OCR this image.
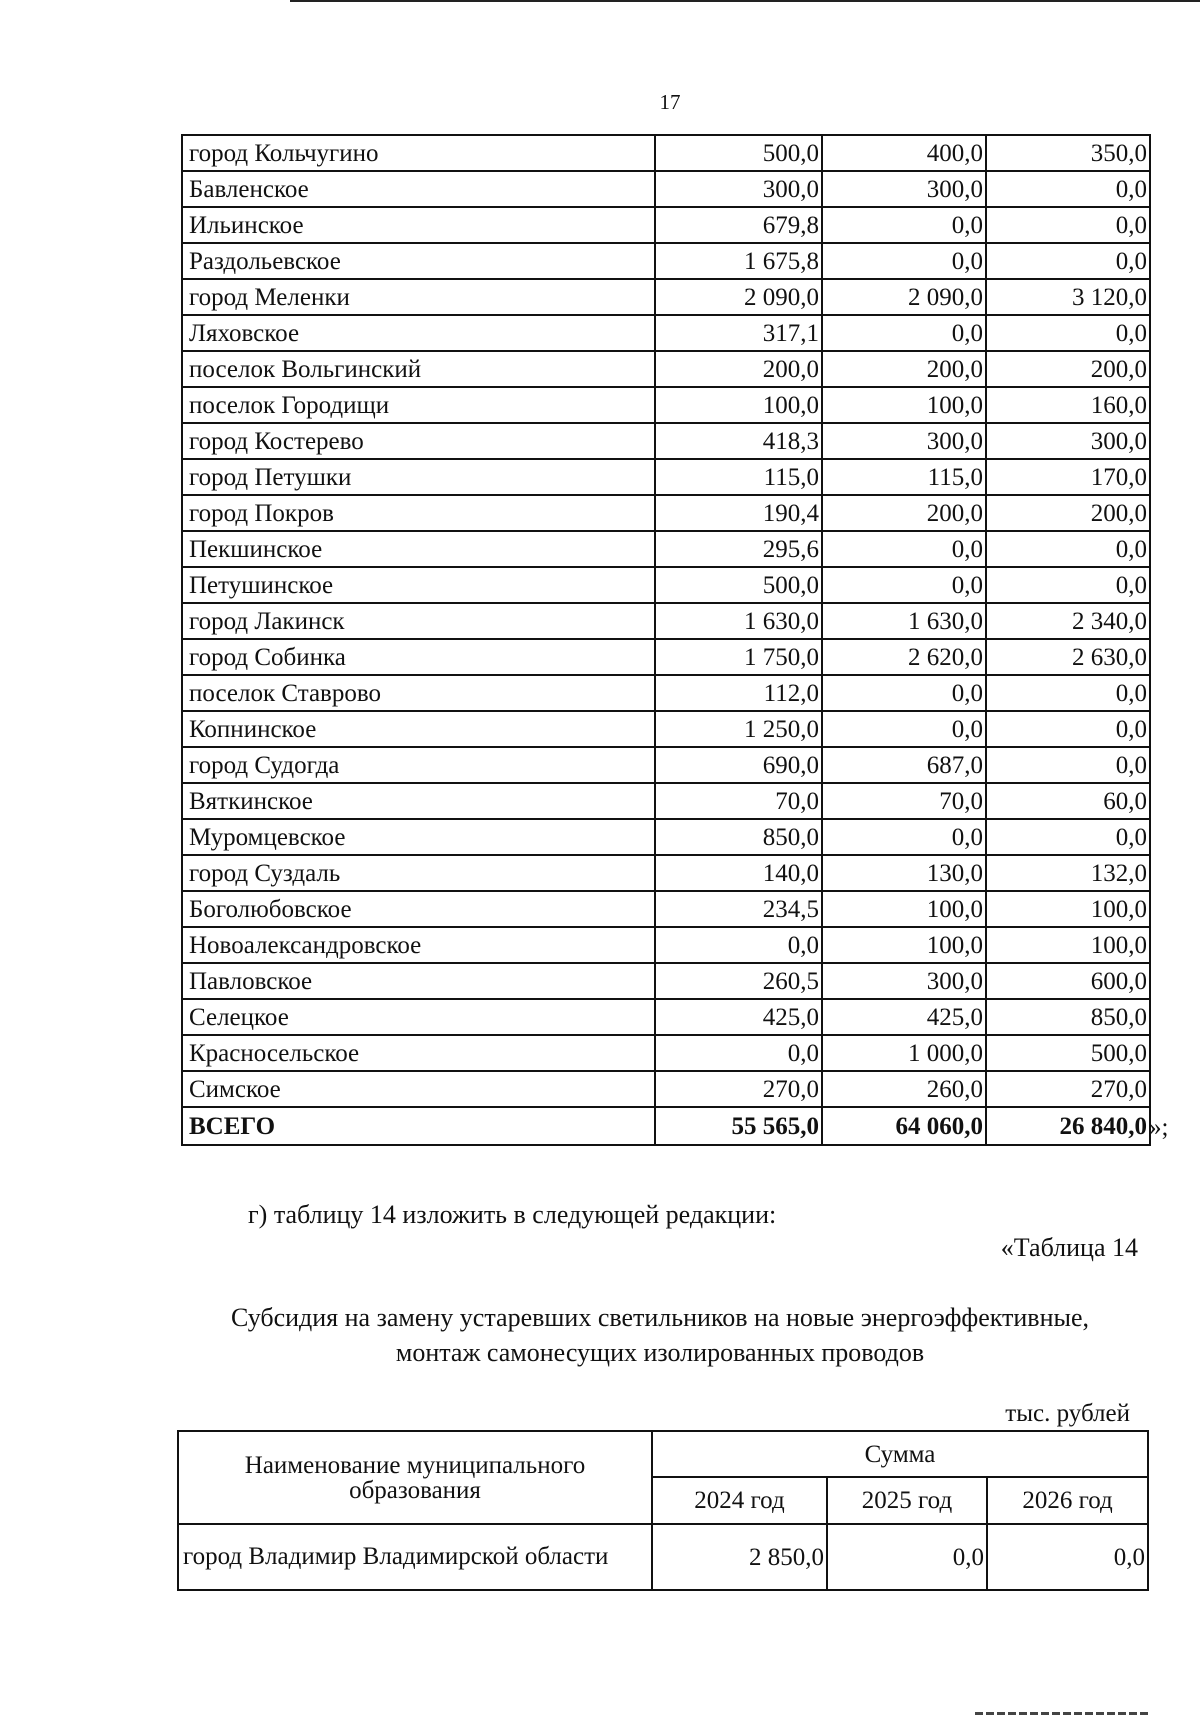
17
город Кольчугино	500,0	400,0	350,0
Бавленское	300,0	300,0	0,0
Ильинское	679,8	0,0	0,0
Раздольевское	1 675,8	0,0	0,0
город Меленки	2 090,0	2 090,0	3 120,0
Ляховское	317,1	0,0	0,0
поселок Вольгинский	200,0	200,0	200,0
поселок Городищи	100,0	100,0	160,0
город Костерево	418,3	300,0	300,0
город Петушки	115,0	115,0	170,0
город Покров	190,4	200,0	200,0
Пекшинское	295,6	0,0	0,0
Петушинское	500,0	0,0	0,0
город Лакинск	1 630,0	1 630,0	2 340,0
город Собинка	1 750,0	2 620,0	2 630,0
поселок Ставрово	112,0	0,0	0,0
Копнинское	1 250,0	0,0	0,0
город Судогда	690,0	687,0	0,0
Вяткинское	70,0	70,0	60,0
Муромцевское	850,0	0,0	0,0
город Суздаль	140,0	130,0	132,0
Боголюбовское	234,5	100,0	100,0
Новоалександровское	0,0	100,0	100,0
Павловское	260,5	300,0	600,0
Селецкое	425,0	425,0	850,0
Красносельское	0,0	1 000,0	500,0
Симское	270,0	260,0	270,0
ВСЕГО	55 565,0	64 060,0	26 840,0 »;
г) таблицу 14 изложить в следующей редакции:
«Таблица 14
Субсидия на замену устаревших светильников на новые энергоэффективные,
монтаж самонесущих изолированных проводов
тыс. рублей
Наименование муниципального образования	Сумма		
	2024 год	2025 год	2026 год
город Владимир Владимирской области	2 850,0	0,0	0,0
